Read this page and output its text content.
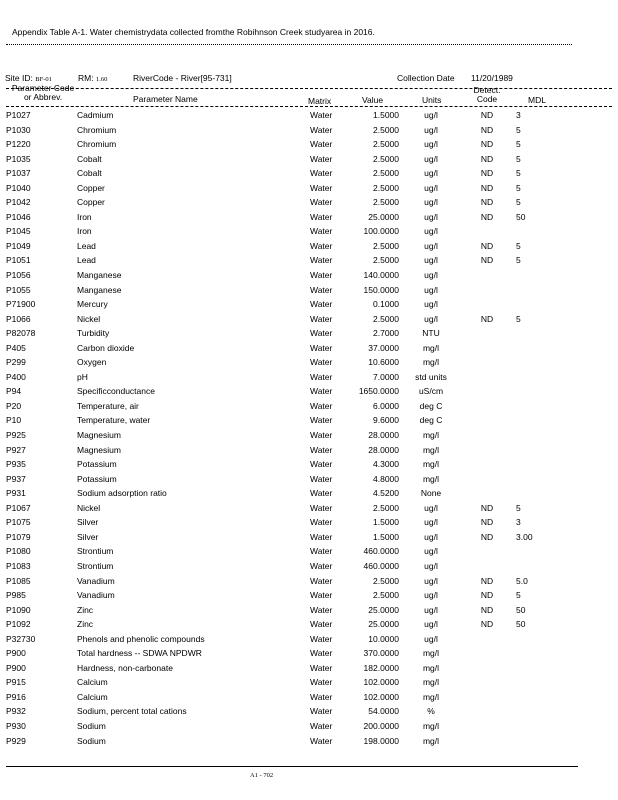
Appendix Table A-1. Water chemistrydata collected fromthe Robihnson Creek studyarea in 2016.
Site ID: BF-01	RM: 1.60	RiverCode - River[95-731]	Collection Date 11/20/1989
Parameter Code
or Abbrev.	Parameter Name	Matrix	Value	Units
Detect.
Code	MDL
P1027	Cadmium	Water	1.5000	ug/l	ND	3
P1030	Chromium	Water	2.5000	ug/l	ND	5
P1220	Chromium	Water	2.5000	ug/l	ND	5
P1035	Cobalt	Water	2.5000	ug/l	ND	5
P1037	Cobalt	Water	2.5000	ug/l	ND	5
P1040	Copper	Water	2.5000	ug/l	ND	5
P1042	Copper	Water	2.5000	ug/l	ND	5
P1046	Iron	Water	25.0000	ug/l	ND	50
P1045	Iron	Water	100.0000	ug/l
P1049	Lead	Water	2.5000	ug/l	ND	5
P1051	Lead	Water	2.5000	ug/l	ND	5
P1056	Manganese	Water	140.0000	ug/l
P1055	Manganese	Water	150.0000	ug/l
P71900	Mercury	Water	0.1000	ug/l
P1066	Nickel	Water	2.5000	ug/l	ND	5
P82078	Turbidity	Water	2.7000	NTU
P405	Carbon dioxide	Water	37.0000	mg/l
P299	Oxygen	Water	10.6000	mg/l
P400	pH	Water	7.0000	std units
P94	Specificconductance	Water	1650.0000	uS/cm
P20	Temperature, air	Water	6.0000	deg C
P10	Temperature, water	Water	9.6000	deg C
P925	Magnesium	Water	28.0000	mg/l
P927	Magnesium	Water	28.0000	mg/l
P935	Potassium	Water	4.3000	mg/l
P937	Potassium	Water	4.8000	mg/l
P931	Sodium adsorption ratio	Water	4.5200	None
P1067	Nickel	Water	2.5000	ug/l	ND	5
P1075	Silver	Water	1.5000	ug/l	ND	3
P1079	Silver	Water	1.5000	ug/l	ND	3.00
P1080	Strontium	Water	460.0000	ug/l
P1083	Strontium	Water	460.0000	ug/l
P1085	Vanadium	Water	2.5000	ug/l	ND	5.0
P985	Vanadium	Water	2.5000	ug/l	ND	5
P1090	Zinc	Water	25.0000	ug/l	ND	50
P1092	Zinc	Water	25.0000	ug/l	ND	50
P32730	Phenols and phenolic compounds	Water	10.0000	ug/l
P900	Total hardness -- SDWA NPDWR	Water	370.0000	mg/l
P900	Hardness, non-carbonate	Water	182.0000	mg/l
P915	Calcium	Water	102.0000	mg/l
P916	Calcium	Water	102.0000	mg/l
P932	Sodium, percent total cations	Water	54.0000	%
P930	Sodium	Water	200.0000	mg/l
P929	Sodium	Water	198.0000	mg/l
A1 - 702
